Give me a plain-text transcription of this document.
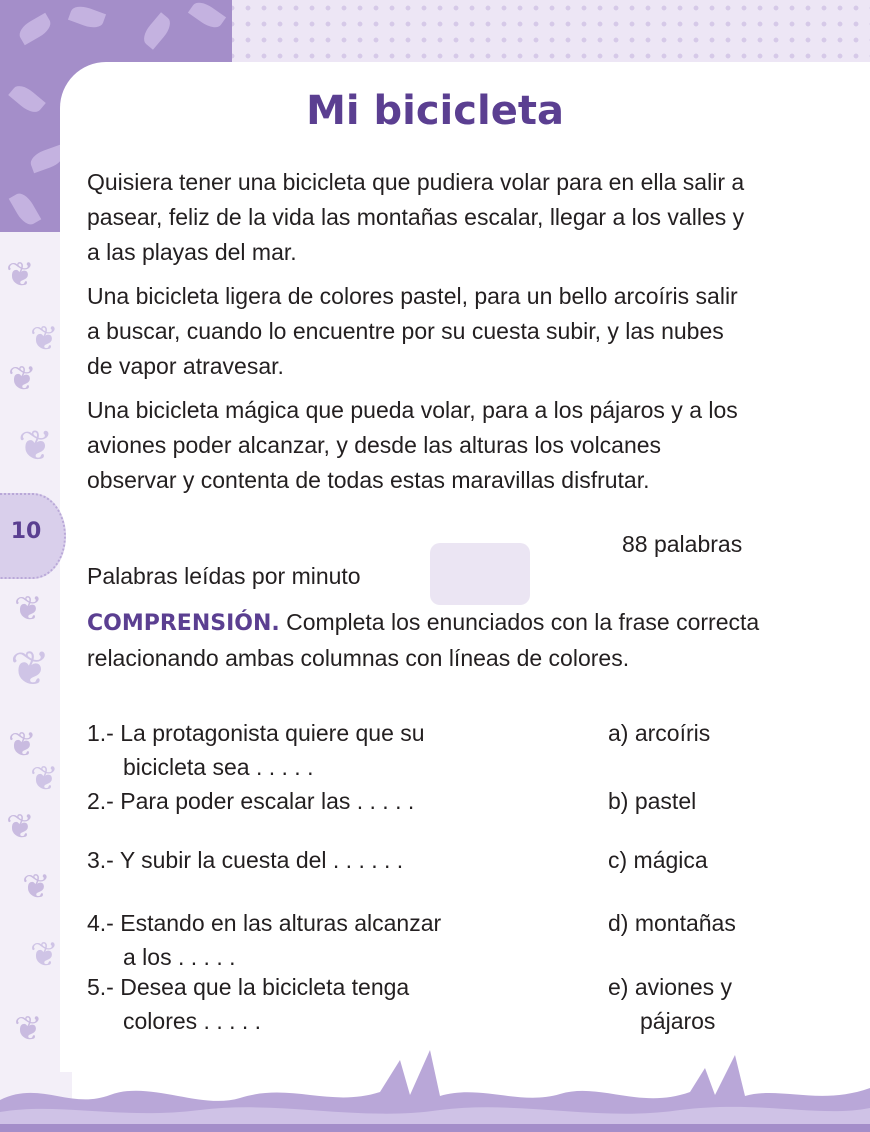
❦
❦
❦
❦
❦
❦
❦
❦
❦
❦
❦
❦
10
Mi bicicleta
Quisiera tener una bicicleta que pudiera volar para en ella salir a pasear, feliz de la vida las montañas escalar, llegar a los valles y a las playas del mar.
Una bicicleta ligera de colores pastel, para un bello arcoíris salir a buscar, cuando lo encuentre por su cuesta subir, y las nubes de vapor atravesar.
Una bicicleta mágica que pueda volar, para a los pájaros y a los aviones poder alcanzar, y desde las alturas los volcanes observar y contenta de todas estas maravillas disfrutar.
88 palabras
Palabras leídas por minuto
COMPRENSIÓN. Completa los enunciados con la frase correcta relacionando ambas columnas con líneas de colores.
1.- La protagonista quiere que su
bicicleta sea . . . . .
2.- Para poder escalar las . . . . .
3.- Y subir la cuesta del . . . . . .
4.- Estando en las alturas alcanzar
a los . . . . .
5.- Desea que la bicicleta tenga
colores . . . . .
a) arcoíris
b) pastel
c) mágica
d) montañas
e) aviones y
pájaros
